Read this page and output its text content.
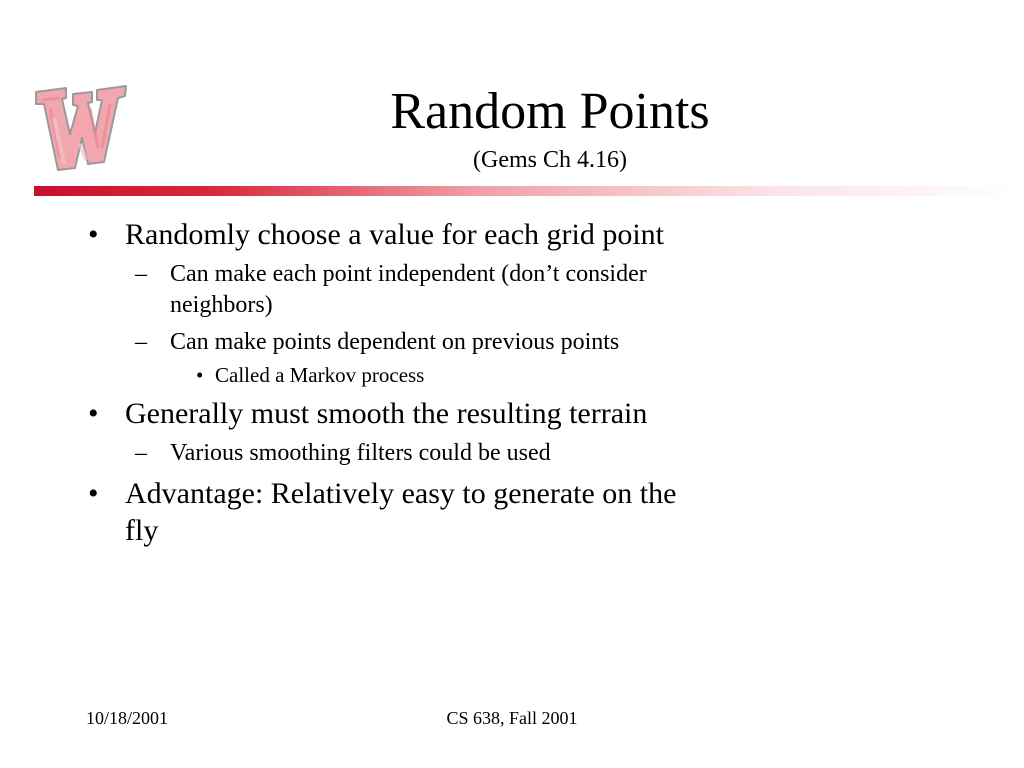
Random Points
(Gems Ch 4.16)
• Randomly choose a value for each grid point
– Can make each point independent (don’t consider neighbors)
– Can make points dependent on previous points
• Called a Markov process
• Generally must smooth the resulting terrain
– Various smoothing filters could be used
• Advantage: Relatively easy to generate on the fly
10/18/2001	CS 638, Fall 2001
